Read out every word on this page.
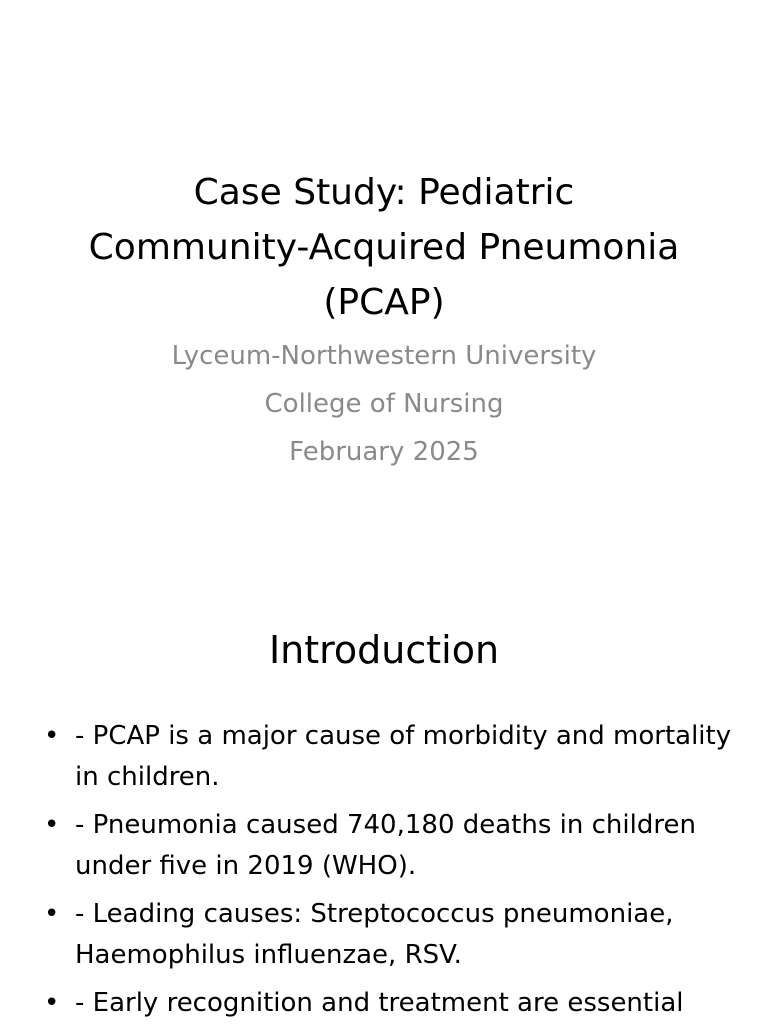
Case Study: Pediatric
Community-Acquired Pneumonia
(PCAP)
Lyceum-Northwestern University
College of Nursing
February 2025
Introduction
• - PCAP is a major cause of morbidity and mortality in children.
• - Pneumonia caused 740,180 deaths in children under five in 2019 (WHO).
• - Leading causes: Streptococcus pneumoniae, Haemophilus influenzae, RSV.
• - Early recognition and treatment are essential
